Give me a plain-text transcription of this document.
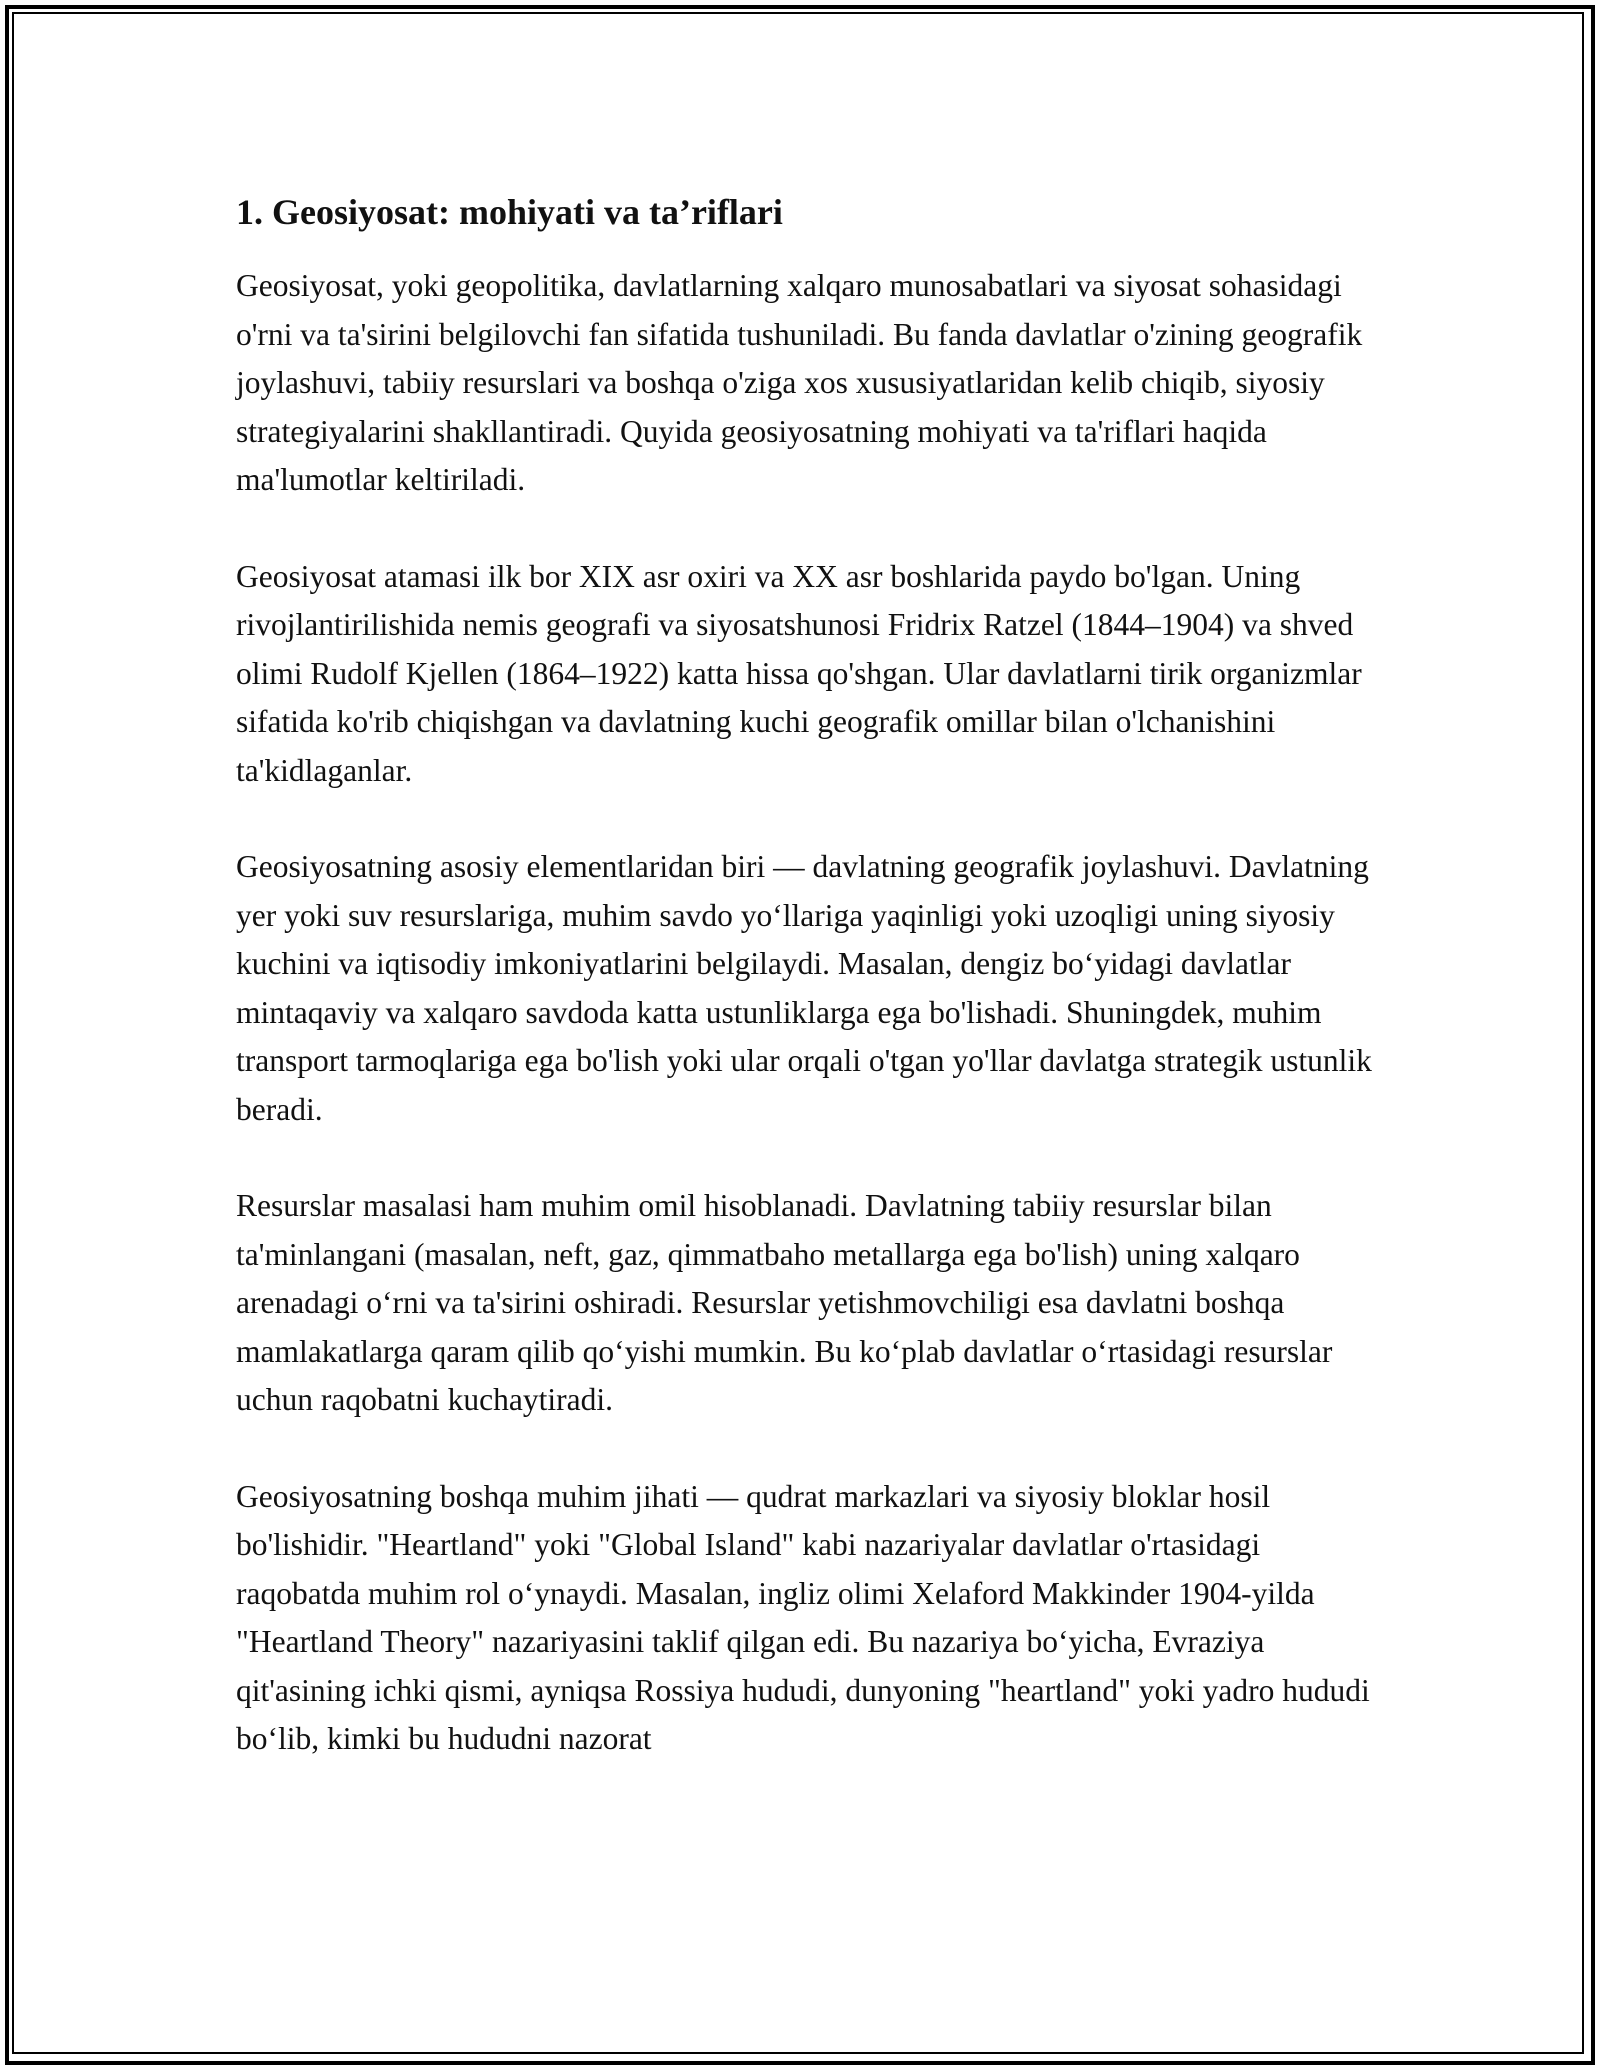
1. Geosiyosat: mohiyati va ta’riflari

Geosiyosat, yoki geopolitika, davlatlarning xalqaro munosabatlari va siyosat sohasidagi o'rni va ta'sirini belgilovchi fan sifatida tushuniladi. Bu fanda davlatlar o'zining geografik joylashuvi, tabiiy resurslari va boshqa o'ziga xos xususiyatlaridan kelib chiqib, siyosiy strategiyalarini shakllantiradi. Quyida geosiyosatning mohiyati va ta'riflari haqida ma'lumotlar keltiriladi.

Geosiyosat atamasi ilk bor XIX asr oxiri va XX asr boshlarida paydo bo'lgan. Uning rivojlantirilishida nemis geografi va siyosatshunosi Fridrix Ratzel (1844–1904) va shved olimi Rudolf Kjellen (1864–1922) katta hissa qo'shgan. Ular davlatlarni tirik organizmlar sifatida ko'rib chiqishgan va davlatning kuchi geografik omillar bilan o'lchanishini ta'kidlaganlar.

Geosiyosatning asosiy elementlaridan biri — davlatning geografik joylashuvi. Davlatning yer yoki suv resurslariga, muhim savdo yo‘llariga yaqinligi yoki uzoqligi uning siyosiy kuchini va iqtisodiy imkoniyatlarini belgilaydi. Masalan, dengiz bo‘yidagi davlatlar mintaqaviy va xalqaro savdoda katta ustunliklarga ega bo'lishadi. Shuningdek, muhim transport tarmoqlariga ega bo'lish yoki ular orqali o'tgan yo'llar davlatga strategik ustunlik beradi.

Resurslar masalasi ham muhim omil hisoblanadi. Davlatning tabiiy resurslar bilan ta'minlangani (masalan, neft, gaz, qimmatbaho metallarga ega bo'lish) uning xalqaro arenadagi o‘rni va ta'sirini oshiradi. Resurslar yetishmovchiligi esa davlatni boshqa mamlakatlarga qaram qilib qo‘yishi mumkin. Bu ko‘plab davlatlar o‘rtasidagi resurslar uchun raqobatni kuchaytiradi.

Geosiyosatning boshqa muhim jihati — qudrat markazlari va siyosiy bloklar hosil bo'lishidir. "Heartland" yoki "Global Island" kabi nazariyalar davlatlar o'rtasidagi raqobatda muhim rol o‘ynaydi. Masalan, ingliz olimi Xelaford Makkinder 1904-yilda "Heartland Theory" nazariyasini taklif qilgan edi. Bu nazariya bo‘yicha, Evraziya qit'asining ichki qismi, ayniqsa Rossiya hududi, dunyoning "heartland" yoki yadro hududi bo‘lib, kimki bu hududni nazorat
